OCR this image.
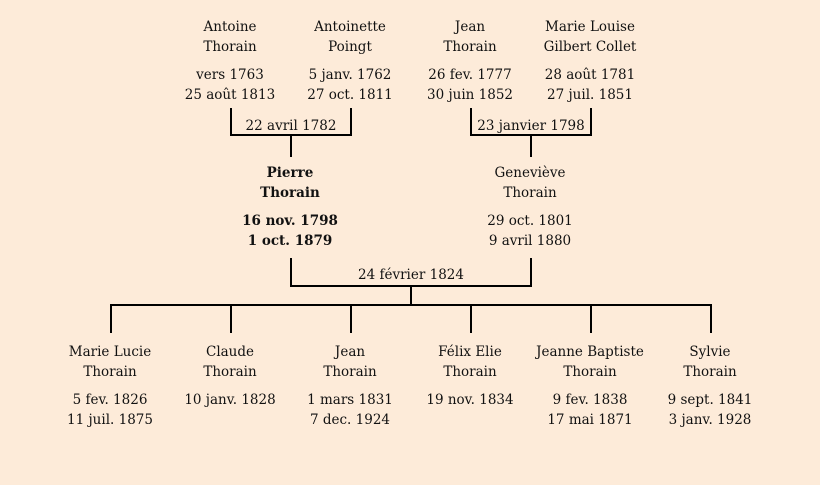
Antoine
Thorain
vers 1763
25 août 1813
Antoinette
Poingt
5 janv. 1762
27 oct. 1811
Jean
Thorain
26 fev. 1777
30 juin 1852
Marie Louise
Gilbert Collet
28 août 1781
27 juil. 1851
22 avril 1782	23 janvier 1798
Pierre
Thorain
16 nov. 1798
1 oct. 1879
Geneviève
Thorain
29 oct. 1801
9 avril 1880
24 février 1824
Marie Lucie
Thorain
5 fev. 1826
11 juil. 1875
Claude
Thorain
10 janv. 1828
Jean
Thorain
1 mars 1831
7 dec. 1924
Félix Elie
Thorain
19 nov. 1834
Jeanne Baptiste
Thorain
9 fev. 1838
17 mai 1871
Sylvie
Thorain
9 sept. 1841
3 janv. 1928
